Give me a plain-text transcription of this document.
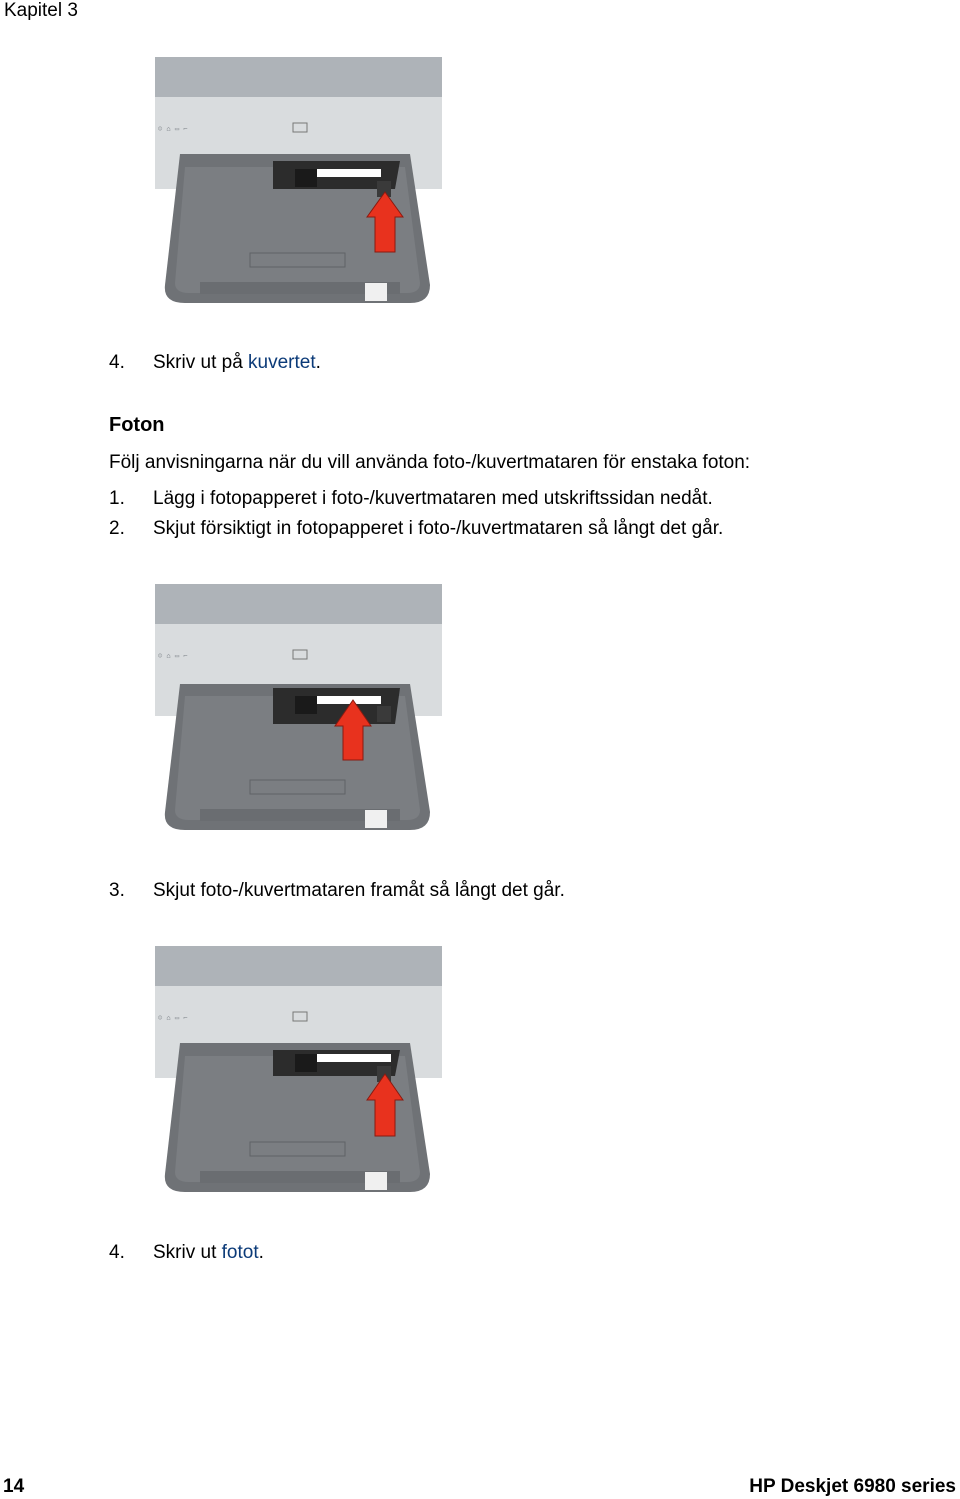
Kapitel 3
☺ ⌂ ▭ ⌐
4. Skriv ut på kuvertet.
Foton
Följ anvisningarna när du vill använda foto-/kuvertmataren för enstaka foton:
1. Lägg i fotopapperet i foto-/kuvertmataren med utskriftssidan nedåt.
2. Skjut försiktigt in fotopapperet i foto-/kuvertmataren så långt det går.
☺ ⌂ ▭ ⌐
3. Skjut foto-/kuvertmataren framåt så långt det går.
☺ ⌂ ▭ ⌐
4. Skriv ut fotot.
14	HP Deskjet 6980 series
